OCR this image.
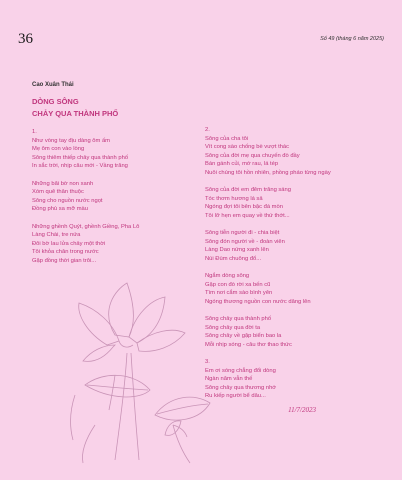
36	Số 49 (tháng 6 năm 2025)
Cao Xuân Thái
DÒNG SÔNG
CHẢY QUA THÀNH PHỐ
1.
Như vòng tay địu dàng ôm ấm
Mẹ ôm con vào lòng
Sông thiêm thiếp chảy qua thành phố
In sắc trời, nhịp câu mới - Vầng trăng
Những bãi bờ non xanh
Xóm quê thân thuộc
Sông cho nguồn nước ngọt
Đồng phù sa mỡ màu
Những ghềnh Quýt, ghềnh Giềng, Pha Lô
Làng Chài, tre nứa
Đôi bờ lau lửa chảy một thời
Tôi khỏa chân trong nước
Gặp đồng thời gian trôi...
2.
Sông của cha tôi
Vít cong sào chống bè vượt thác
Sông của đời mẹ qua chuyến đò đầy
Bán gánh củi, mớ rau, lá tép
Nuôi chúng tôi hồn nhiên, phồng pháo từng ngày
Sông của đời em đêm trăng sáng
Tóc thơm hương lá sả
Ngóng đợi tôi bên bậc đá mòn
Tôi lỡ hẹn em quay về thứ thớt...
Sông tiễn người đi - chia biệt
Sông đón người về - đoàn viên
Làng Dao nứng xanh lên
Núi Đùm chuông đổ...
Ngắm dòng sông
Gặp con đò rời xa bến cũ
Tìm nơi cắm sào bình yên
Ngóng thương nguồn con nước dâng lên
Sông chảy qua thành phố
Sông chảy qua đời ta
Sông chảy về gặp biển bao la
Mỗi nhịp sóng - câu thơ thao thức
3.
Em ơi sóng chẳng đổi dòng
Ngàn năm vẫn thế
Sông chảy qua thương nhớ
Ru kiếp người bể dâu...
11/7/2023
